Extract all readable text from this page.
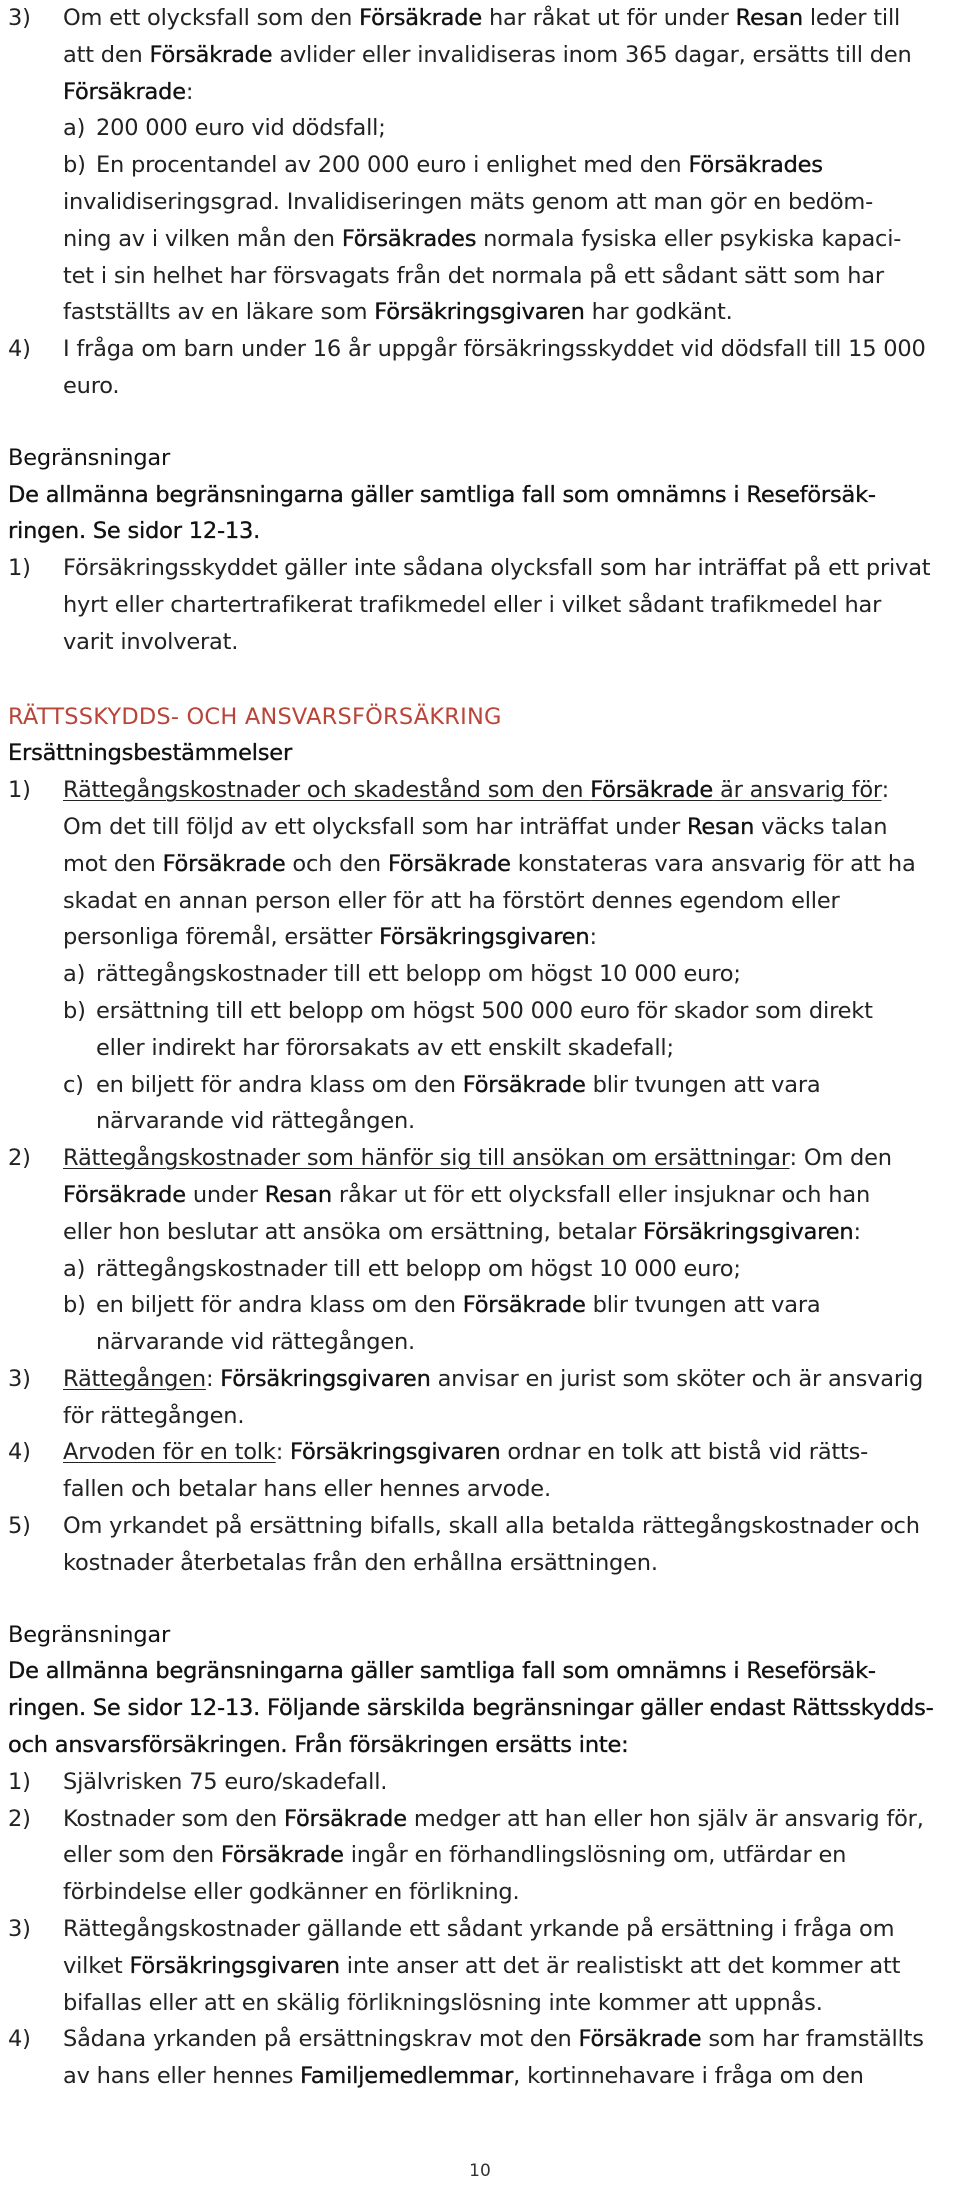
3) Om ett olycksfall som den Försäkrade har råkat ut för under Resan leder till
att den Försäkrade avlider eller invalidiseras inom 365 dagar, ersätts till den
Försäkrade:
a) 200 000 euro vid dödsfall;
b) En procentandel av 200 000 euro i enlighet med den Försäkrades
invalidiseringsgrad. Invalidiseringen mäts genom att man gör en bedöm-
ning av i vilken mån den Försäkrades normala fysiska eller psykiska kapaci-
tet i sin helhet har försvagats från det normala på ett sådant sätt som har
fastställts av en läkare som Försäkringsgivaren har godkänt.
4) I fråga om barn under 16 år uppgår försäkringsskyddet vid dödsfall till 15 000 euro.
Begränsningar
De allmänna begränsningarna gäller samtliga fall som omnämns i Reseförsäk-
ringen. Se sidor 12-13.
1) Försäkringsskyddet gäller inte sådana olycksfall som har inträffat på ett privat
hyrt eller chartertrafikerat trafikmedel eller i vilket sådant trafikmedel har
varit involverat.
RÄTTSSKYDDS- OCH ANSVARSFÖRSÄKRING
Ersättningsbestämmelser
1) Rättegångskostnader och skadestånd som den Försäkrade är ansvarig för:
Om det till följd av ett olycksfall som har inträffat under Resan väcks talan
mot den Försäkrade och den Försäkrade konstateras vara ansvarig för att ha
skadat en annan person eller för att ha förstört dennes egendom eller
personliga föremål, ersätter Försäkringsgivaren:
a) rättegångskostnader till ett belopp om högst 10 000 euro;
b) ersättning till ett belopp om högst 500 000 euro för skador som direkt
eller indirekt har förorsakats av ett enskilt skadefall;
c) en biljett för andra klass om den Försäkrade blir tvungen att vara
närvarande vid rättegången.
2) Rättegångskostnader som hänför sig till ansökan om ersättningar: Om den
Försäkrade under Resan råkar ut för ett olycksfall eller insjuknar och han
eller hon beslutar att ansöka om ersättning, betalar Försäkringsgivaren:
a) rättegångskostnader till ett belopp om högst 10 000 euro;
b) en biljett för andra klass om den Försäkrade blir tvungen att vara
närvarande vid rättegången.
3) Rättegången: Försäkringsgivaren anvisar en jurist som sköter och är ansvarig
för rättegången.
4) Arvoden för en tolk: Försäkringsgivaren ordnar en tolk att bistå vid rätts-
fallen och betalar hans eller hennes arvode.
5) Om yrkandet på ersättning bifalls, skall alla betalda rättegångskostnader och
kostnader återbetalas från den erhållna ersättningen.
Begränsningar
De allmänna begränsningarna gäller samtliga fall som omnämns i Reseförsäk-
ringen. Se sidor 12-13. Följande särskilda begränsningar gäller endast Rättsskydds-
och ansvarsförsäkringen. Från försäkringen ersätts inte:
1) Självrisken 75 euro/skadefall.
2) Kostnader som den Försäkrade medger att han eller hon själv är ansvarig för,
eller som den Försäkrade ingår en förhandlingslösning om, utfärdar en
förbindelse eller godkänner en förlikning.
3) Rättegångskostnader gällande ett sådant yrkande på ersättning i fråga om
vilket Försäkringsgivaren inte anser att det är realistiskt att det kommer att
bifallas eller att en skälig förlikningslösning inte kommer att uppnås.
4) Sådana yrkanden på ersättningskrav mot den Försäkrade som har framställts
av hans eller hennes Familjemedlemmar, kortinnehavare i fråga om den
10
